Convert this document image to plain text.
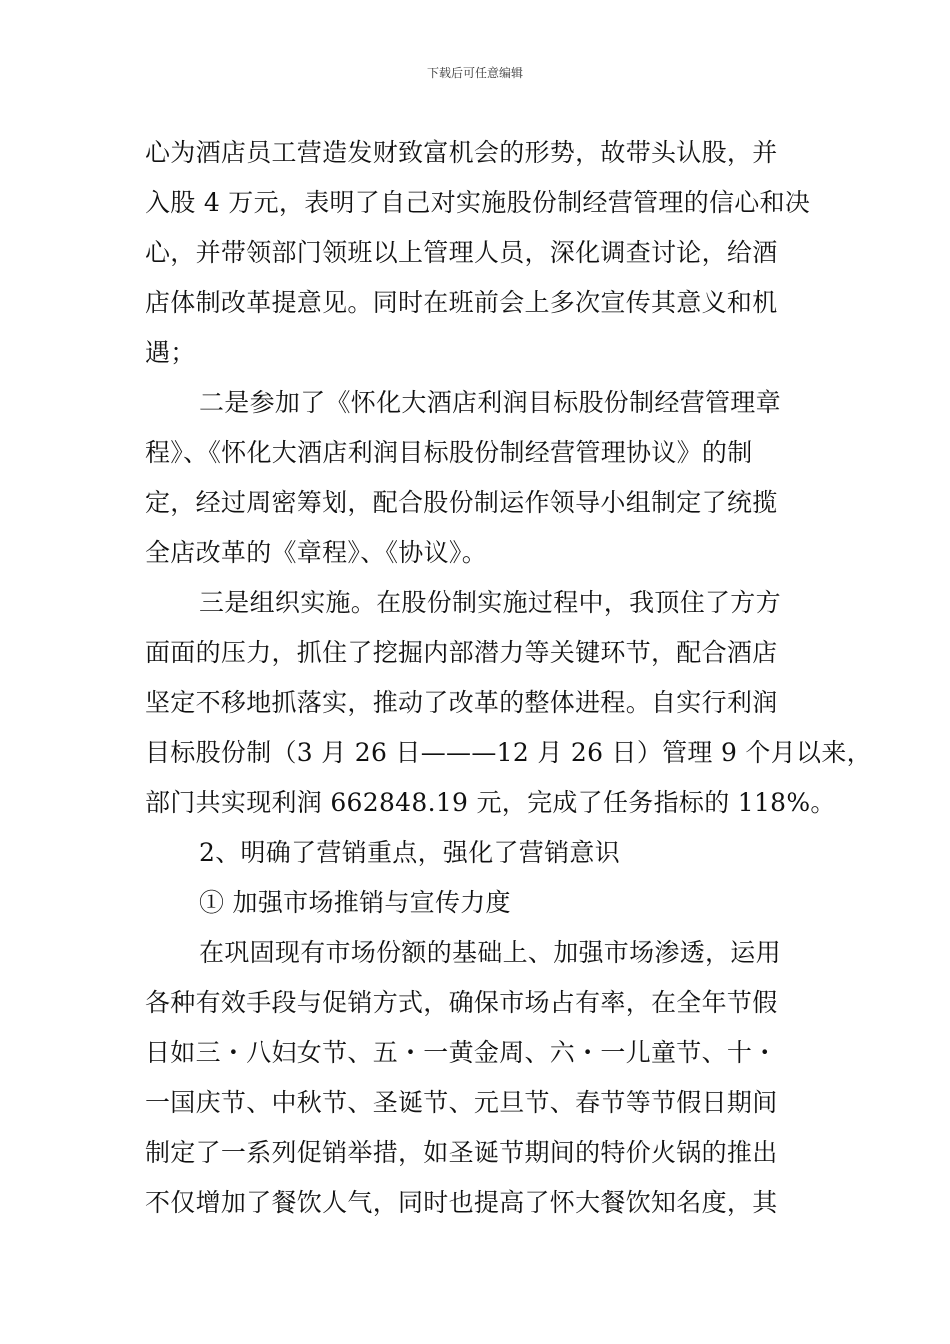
下载后可任意编辑
心为酒店员工营造发财致富机会的形势，故带头认股，并
入股 4 万元，表明了自己对实施股份制经营管理的信心和决
心，并带领部门领班以上管理人员，深化调查讨论，给酒
店体制改革提意见。同时在班前会上多次宣传其意义和机
遇；
二是参加了《怀化大酒店利润目标股份制经营管理章
程》、《怀化大酒店利润目标股份制经营管理协议》的制
定，经过周密筹划，配合股份制运作领导小组制定了统揽
全店改革的《章程》、《协议》。
三是组织实施。在股份制实施过程中，我顶住了方方
面面的压力，抓住了挖掘内部潜力等关键环节，配合酒店
坚定不移地抓落实，推动了改革的整体进程。自实行利润
目标股份制（3 月 26 日———12 月 26 日）管理 9 个月以来，
部门共实现利润 662848.19 元，完成了任务指标的 118%。
2、明确了营销重点，强化了营销意识
① 加强市场推销与宣传力度
在巩固现有市场份额的基础上、加强市场渗透，运用
各种有效手段与促销方式，确保市场占有率，在全年节假
日如三・八妇女节、五・一黄金周、六・一儿童节、十・
一国庆节、中秋节、圣诞节、元旦节、春节等节假日期间
制定了一系列促销举措，如圣诞节期间的特价火锅的推出
不仅增加了餐饮人气，同时也提高了怀大餐饮知名度，其
